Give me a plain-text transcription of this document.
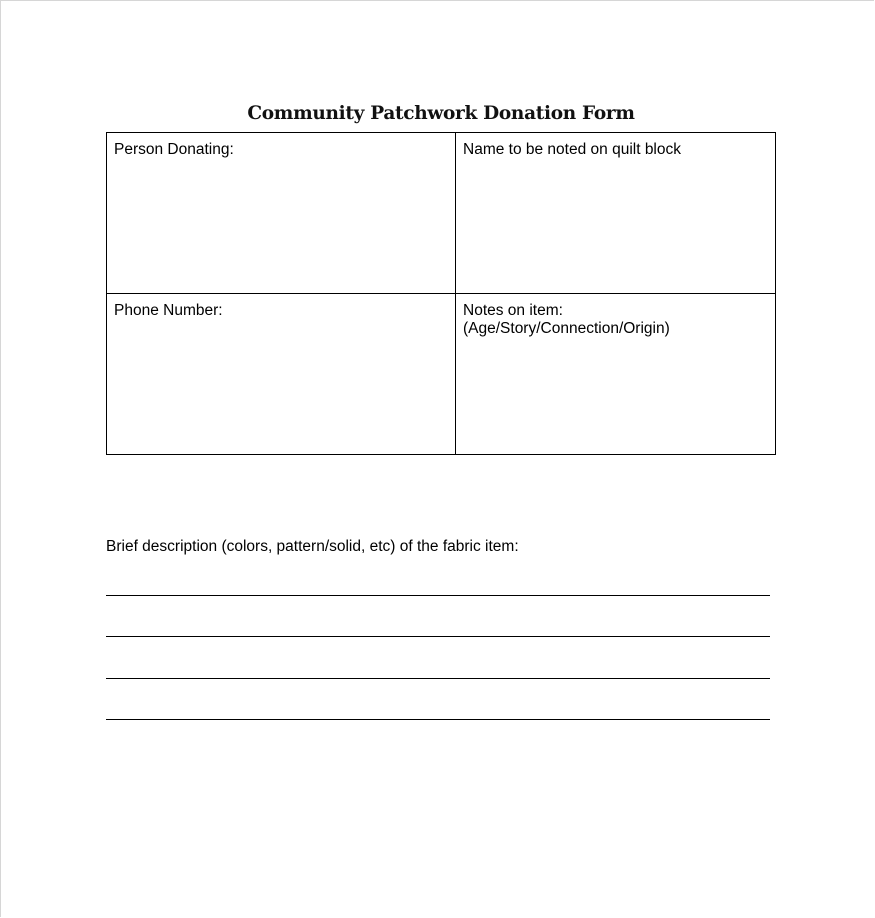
Community Patchwork Donation Form
Person Donating:	Name to be noted on quilt block

Phone Number:	Notes on item:
(Age/Story/Connection/Origin)
Brief description (colors, pattern/solid, etc) of the fabric item:
